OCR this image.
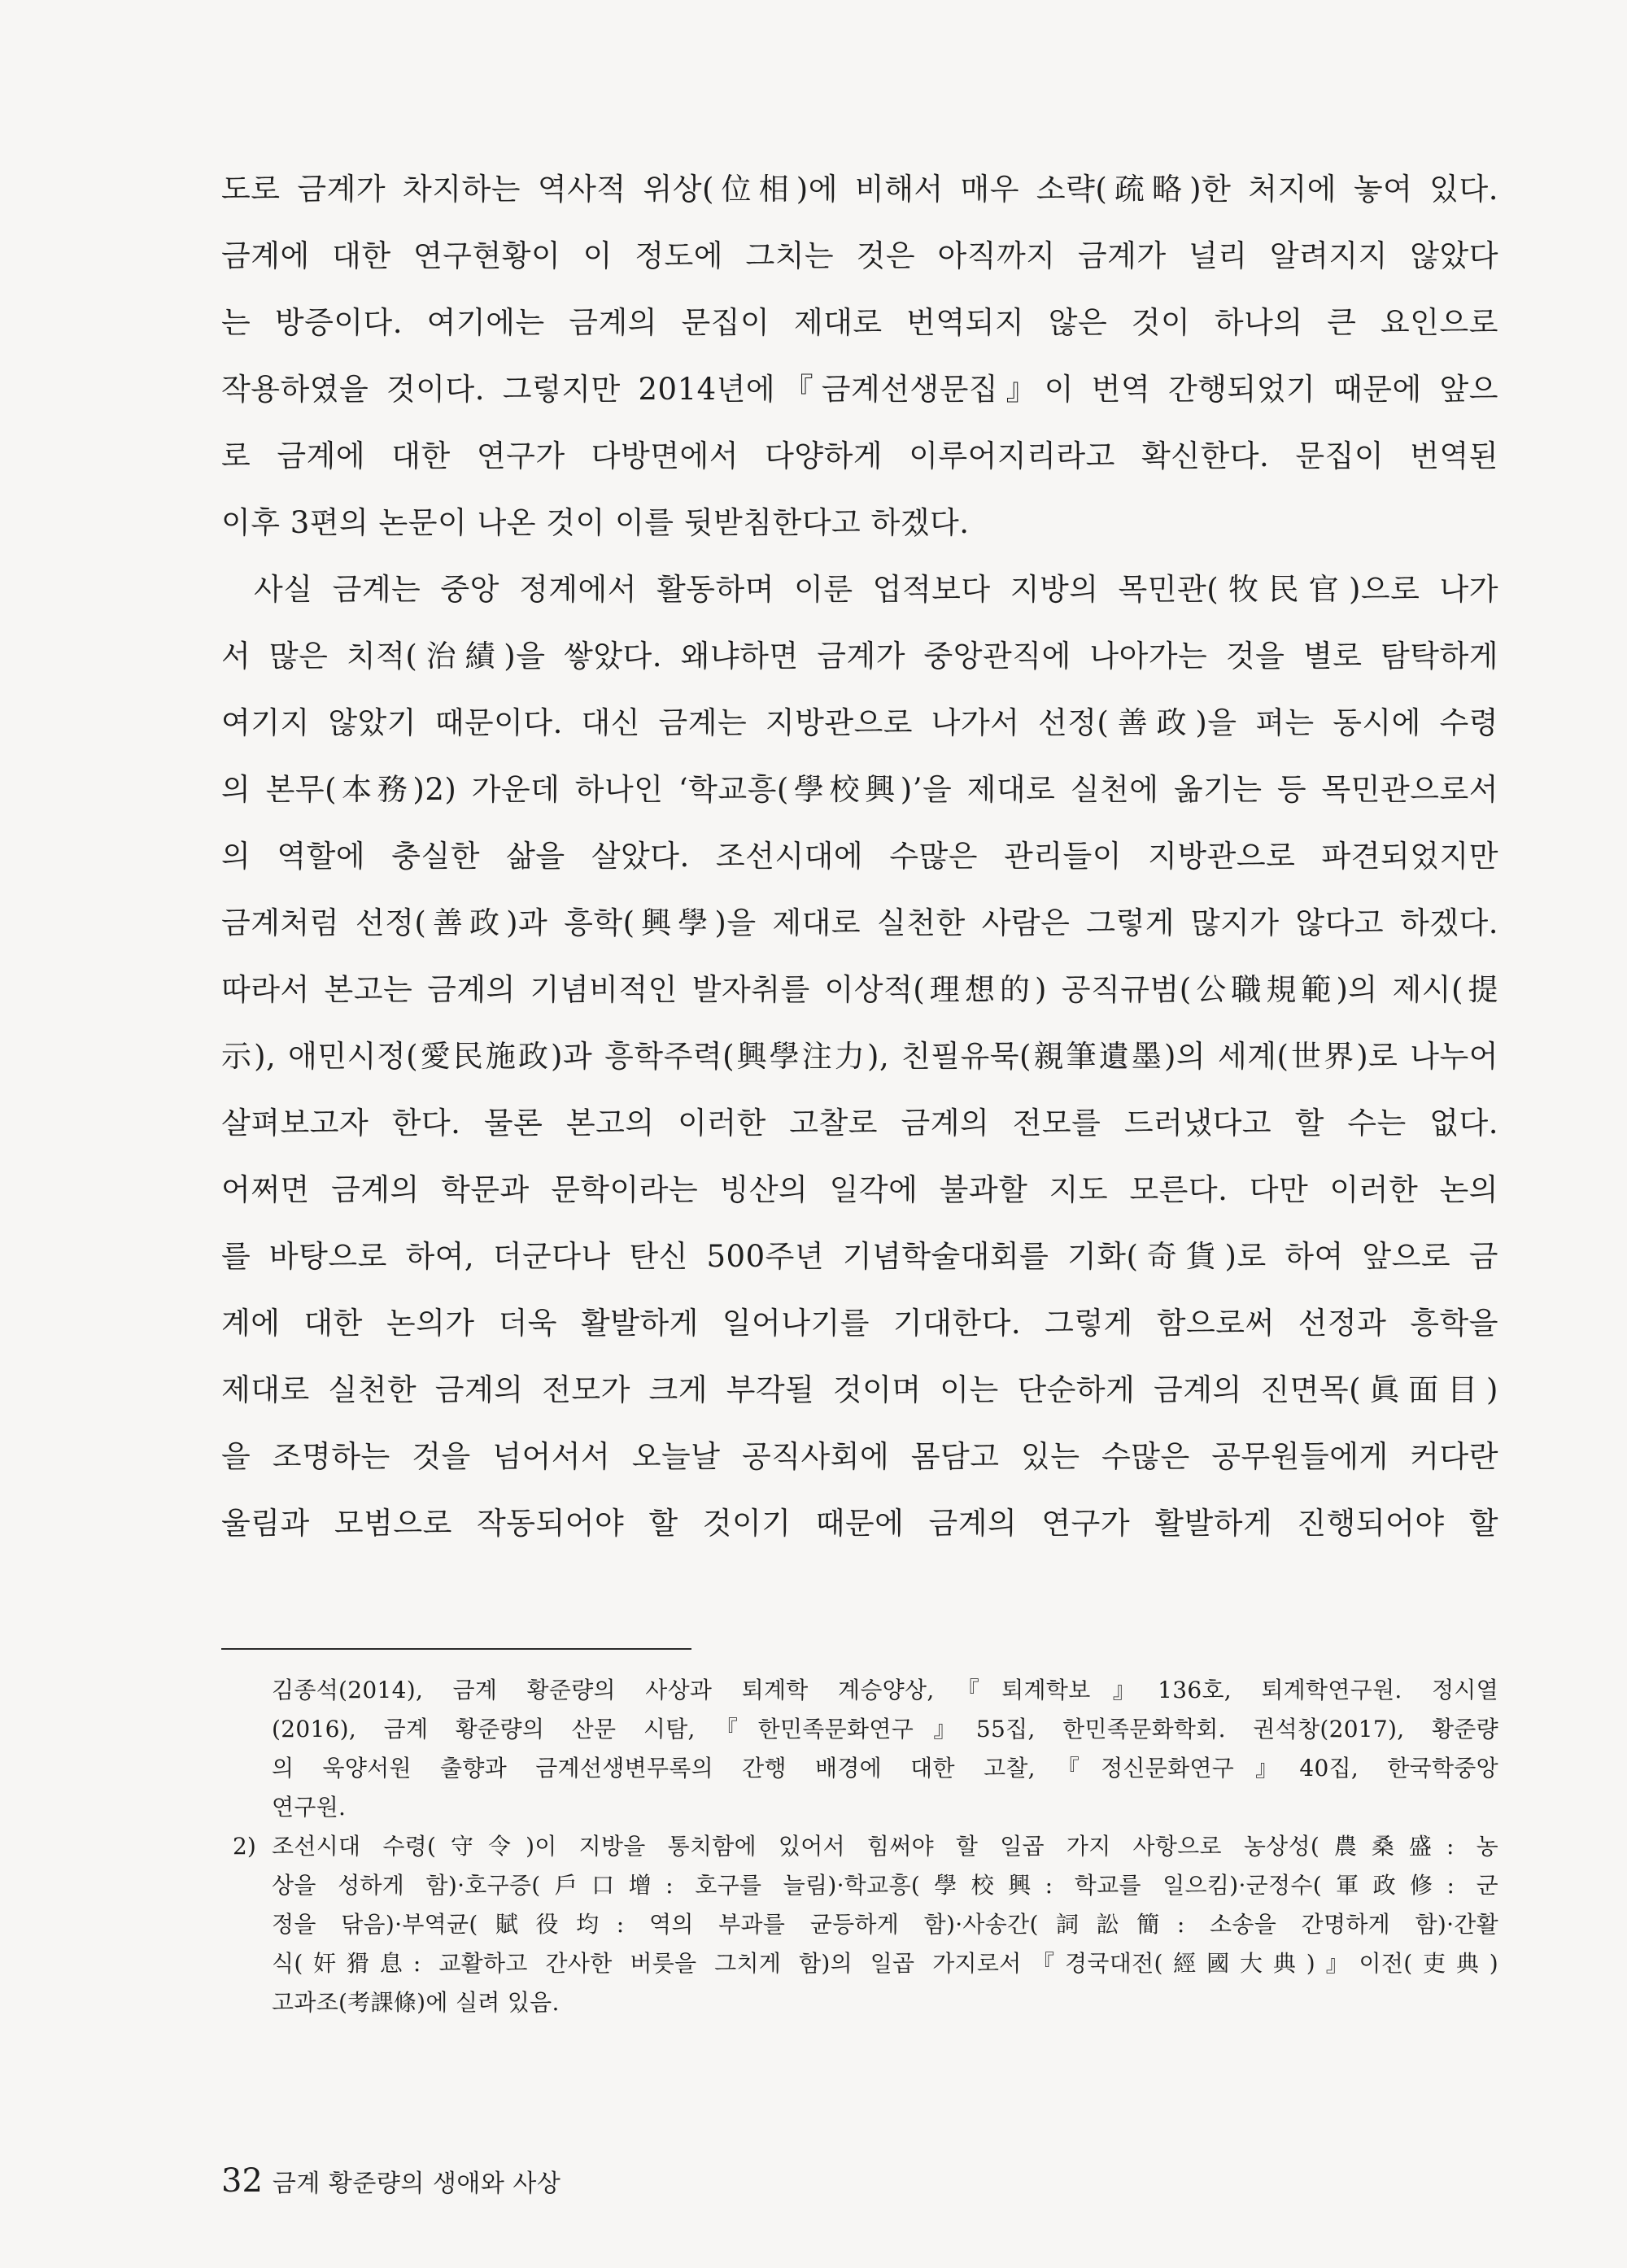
도로 금계가 차지하는 역사적 위상(位相)에 비해서 매우 소략(疏略)한 처지에 놓여 있다.

금계에 대한 연구현황이 이 정도에 그치는 것은 아직까지 금계가 널리 알려지지 않았다

는 방증이다. 여기에는 금계의 문집이 제대로 번역되지 않은 것이 하나의 큰 요인으로

작용하였을 것이다. 그렇지만 2014년에『금계선생문집』이 번역 간행되었기 때문에 앞으

로 금계에 대한 연구가 다방면에서 다양하게 이루어지리라고 확신한다. 문집이 번역된

이후 3편의 논문이 나온 것이 이를 뒷받침한다고 하겠다.

사실 금계는 중앙 정계에서 활동하며 이룬 업적보다 지방의 목민관(牧民官)으로 나가

서 많은 치적(治績)을 쌓았다. 왜냐하면 금계가 중앙관직에 나아가는 것을 별로 탐탁하게

여기지 않았기 때문이다. 대신 금계는 지방관으로 나가서 선정(善政)을 펴는 동시에 수령

의 본무(本務)2) 가운데 하나인 ‘학교흥(學校興)’을 제대로 실천에 옮기는 등 목민관으로서

의 역할에 충실한 삶을 살았다. 조선시대에 수많은 관리들이 지방관으로 파견되었지만

금계처럼 선정(善政)과 흥학(興學)을 제대로 실천한 사람은 그렇게 많지가 않다고 하겠다.

따라서 본고는 금계의 기념비적인 발자취를 이상적(理想的) 공직규범(公職規範)의 제시(提

示), 애민시정(愛民施政)과 흥학주력(興學注力), 친필유묵(親筆遺墨)의 세계(世界)로 나누어

살펴보고자 한다. 물론 본고의 이러한 고찰로 금계의 전모를 드러냈다고 할 수는 없다.

어쩌면 금계의 학문과 문학이라는 빙산의 일각에 불과할 지도 모른다. 다만 이러한 논의

를 바탕으로 하여, 더군다나 탄신 500주년 기념학술대회를 기화(奇貨)로 하여 앞으로 금

계에 대한 논의가 더욱 활발하게 일어나기를 기대한다. 그렇게 함으로써 선정과 흥학을

제대로 실천한 금계의 전모가 크게 부각될 것이며 이는 단순하게 금계의 진면목(眞面目)

을 조명하는 것을 넘어서서 오늘날 공직사회에 몸담고 있는 수많은 공무원들에게 커다란

울림과 모범으로 작동되어야 할 것이기 때문에 금계의 연구가 활발하게 진행되어야 할

김종석(2014), 금계 황준량의 사상과 퇴계학 계승양상,『퇴계학보』136호, 퇴계학연구원. 정시열
(2016), 금계 황준량의 산문 시탐,『한민족문화연구』55집, 한민족문화학회. 권석창(2017), 황준량
의 욱양서원 출향과 금계선생변무록의 간행 배경에 대한 고찰,『정신문화연구』40집, 한국학중앙
연구원.
2) 조선시대 수령(守令)이 지방을 통치함에 있어서 힘써야 할 일곱 가지 사항으로 농상성(農桑盛: 농
상을 성하게 함)·호구증(戶口增: 호구를 늘림)·학교흥(學校興: 학교를 일으킴)·군정수(軍政修: 군
정을 닦음)·부역균(賦役均: 역의 부과를 균등하게 함)·사송간(詞訟簡: 소송을 간명하게 함)·간활
식(奸猾息: 교활하고 간사한 버릇을 그치게 함)의 일곱 가지로서『경국대전(經國大典)』이전(吏典)
고과조(考課條)에 실려 있음.
32 금계 황준량의 생애와 사상
